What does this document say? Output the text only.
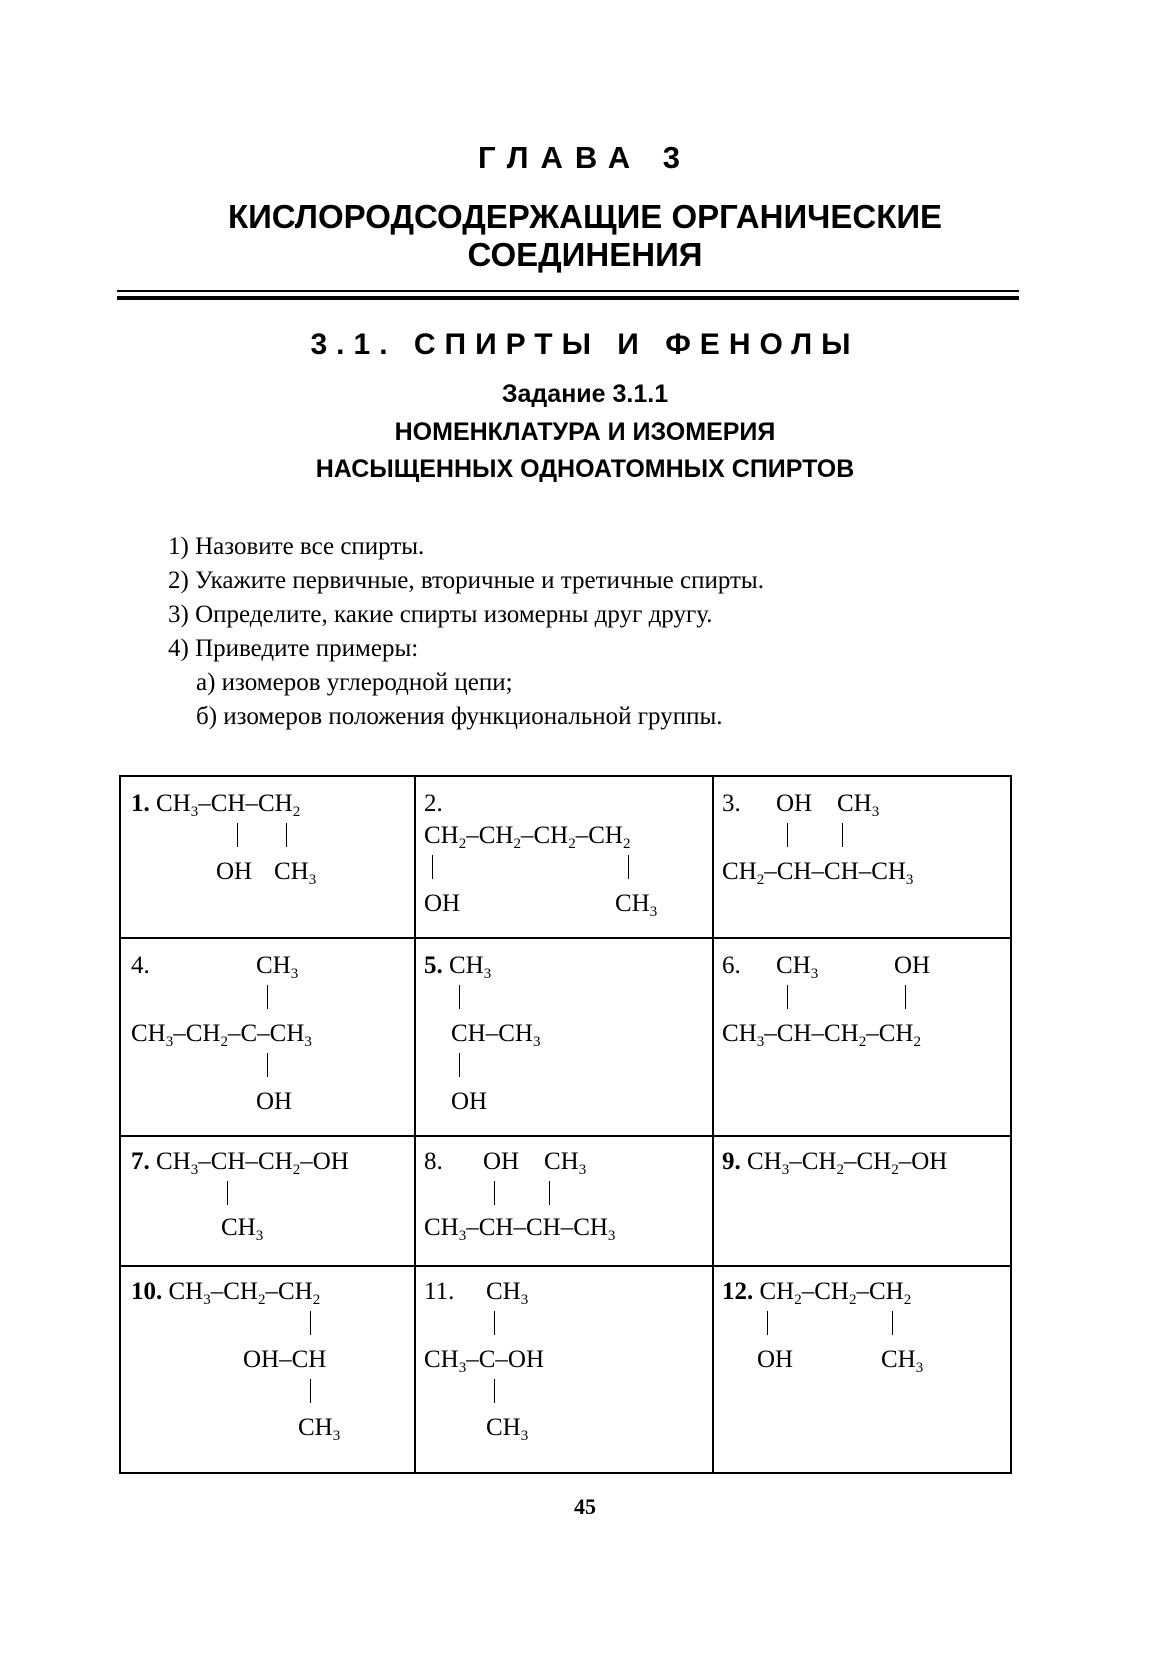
ГЛАВА 3
КИСЛОРОДСОДЕРЖАЩИЕ ОРГАНИЧЕСКИЕ
СОЕДИНЕНИЯ
3.1. СПИРТЫ И ФЕНОЛЫ
Задание 3.1.1
НОМЕНКЛАТУРА И ИЗОМЕРИЯ
НАСЫЩЕННЫХ ОДНОАТОМНЫХ СПИРТОВ
1) Назовите все спирты.
2) Укажите первичные, вторичные и третичные спирты.
3) Определите, какие спирты изомерны друг другу.
4) Приведите примеры:
а) изомеров углеродной цепи;
б) изомеров положения функциональной группы.
1. $CH_3-CH-CH_2$
OH $CH_3$
2.
$CH_2-CH_2-CH_2-CH_2$
OH	$CH_3$
3. OH $CH_3$
$CH_2-CH-CH-CH_3$
4.	$CH_3$
$CH_3-CH_2-C-CH_3$
OH
5. $CH_3$
$CH-CH_3$
OH
6. $CH_3$	OH
$CH_3-CH-CH_2-CH_2$
7. $CH_3-CH-CH_2-OH$
$CH_3$
8. OH $CH_3$
$CH_3-CH-CH-CH_3$
9. $CH_3-CH_2-CH_2-OH$
10. $CH_3-CH_2-CH_2$
OH–CH
$CH_3$
11. $CH_3$
$CH_3-C-OH$
$CH_3$
12. $CH_2-CH_2-CH_2$
OH	$CH_3$
45
